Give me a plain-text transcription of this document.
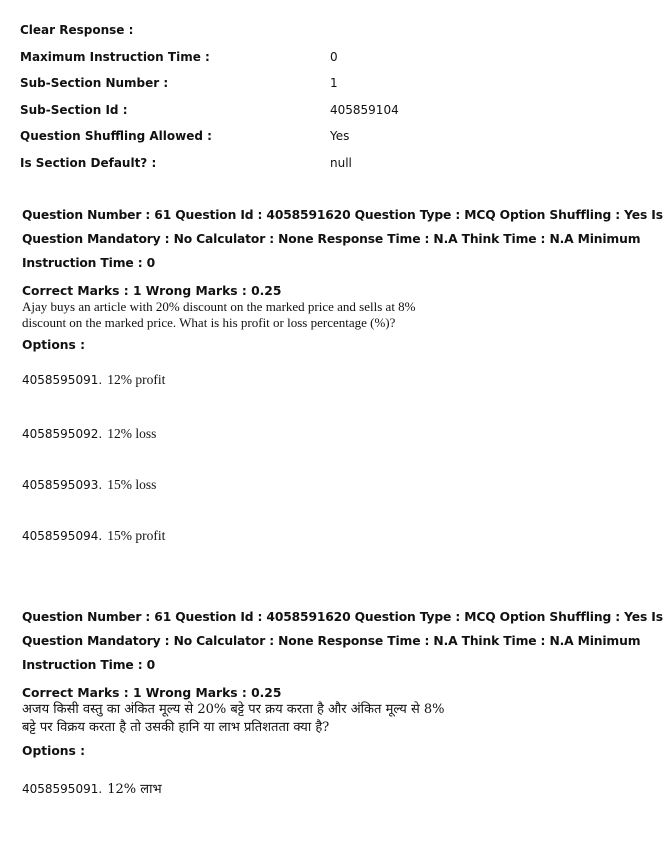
Clear Response :
Maximum Instruction Time :	0
Sub-Section Number :	1
Sub-Section Id :	405859104
Question Shuffling Allowed :	Yes
Is Section Default? :	null
Question Number : 61 Question Id : 4058591620 Question Type : MCQ Option Shuffling : Yes Is
Question Mandatory : No Calculator : None Response Time : N.A Think Time : N.A Minimum
Instruction Time : 0
Correct Marks : 1 Wrong Marks : 0.25
Ajay buys an article with 20% discount on the marked price and sells at 8% discount on the marked price. What is his profit or loss percentage (%)?
Options :
4058595091. 12% profit
4058595092. 12% loss
4058595093. 15% loss
4058595094. 15% profit
Question Number : 61 Question Id : 4058591620 Question Type : MCQ Option Shuffling : Yes Is
Question Mandatory : No Calculator : None Response Time : N.A Think Time : N.A Minimum
Instruction Time : 0
Correct Marks : 1 Wrong Marks : 0.25
अजय किसी वस्तु का अंकित मूल्य से 20% बट्टे पर क्रय करता है और अंकित मूल्य से 8%
बट्टे पर विक्रय करता है तो उसकी हानि या लाभ प्रतिशतता क्या है?
Options :
4058595091. 12% लाभ
